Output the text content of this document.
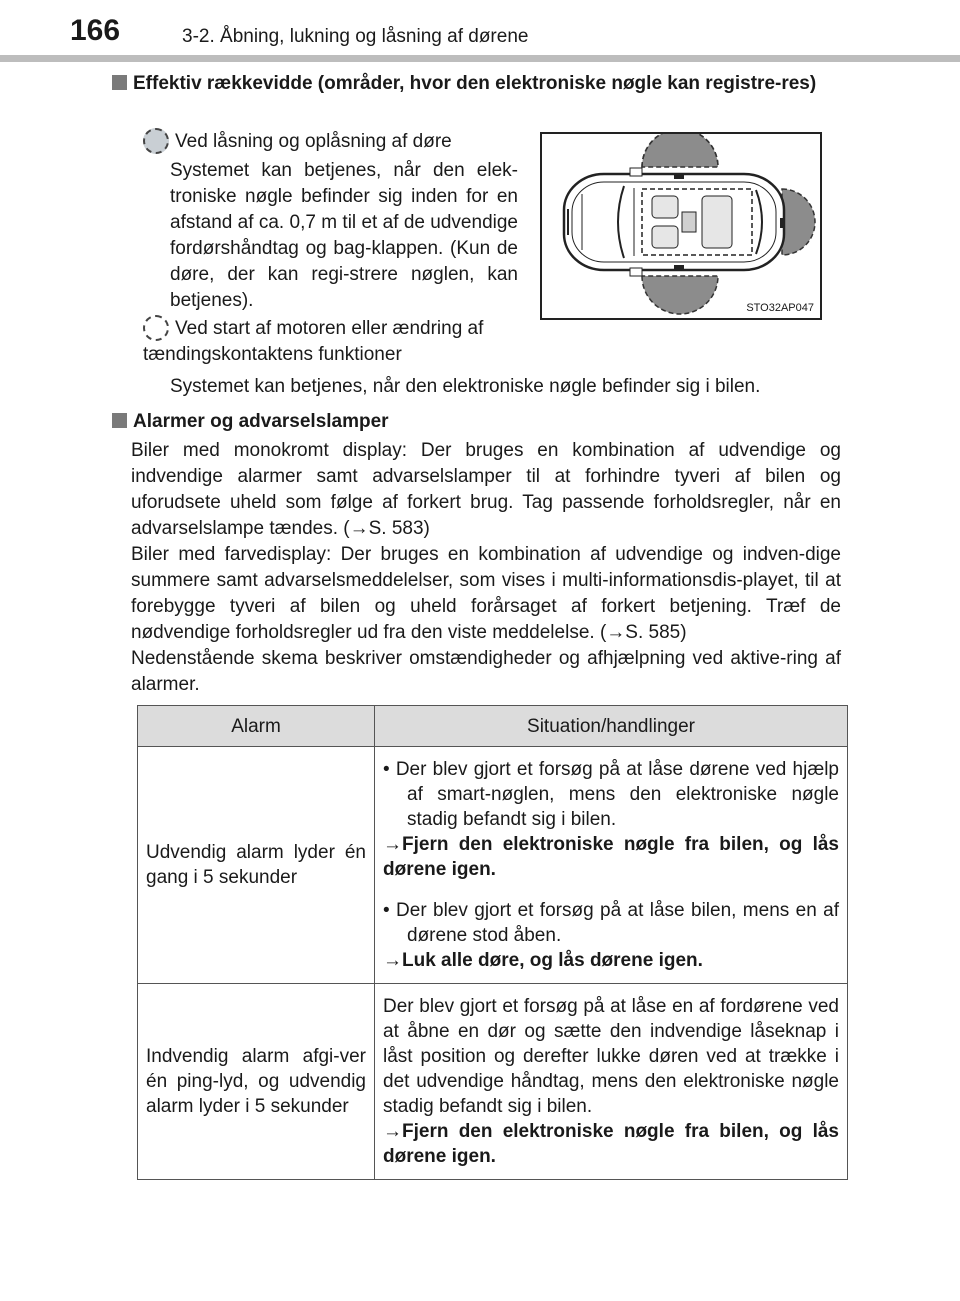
166	3-2. Åbning, lukning og låsning af dørene
Effektiv rækkevidde (områder, hvor den elektroniske nøgle kan registre-res)
Ved låsning og oplåsning af døre
Systemet kan betjenes, når den elek-troniske nøgle befinder sig inden for en afstand af ca. 0,7 m til et af de udvendige fordørshåndtag og bag-klappen. (Kun de døre, der kan regi-strere nøglen, kan betjenes).
Ved start af motoren eller ændring af tændingskontaktens funktioner
Systemet kan betjenes, når den elektroniske nøgle befinder sig i bilen.
STO32AP047
Alarmer og advarselslamper
Biler med monokromt display: Der bruges en kombination af udvendige og indvendige alarmer samt advarselslamper til at forhindre tyveri af bilen og uforudsete uheld som følge af forkert brug. Tag passende forholdsregler, når en advarselslampe tændes. (→S. 583)
Biler med farvedisplay: Der bruges en kombination af udvendige og indven-dige summere samt advarselsmeddelelser, som vises i multi-informationsdis-playet, til at forebygge tyveri af bilen og uheld forårsaget af forkert betjening. Træf de nødvendige forholdsregler ud fra den viste meddelelse. (→S. 585)
Nedenstående skema beskriver omstændigheder og afhjælpning ved aktive-ring af alarmer.
Alarm	Situation/handlinger
Udvendig alarm lyder én gang i 5 sekunder	• Der blev gjort et forsøg på at låse dørene ved hjælp af smart-nøglen, mens den elektroniske nøgle stadig befandt sig i bilen.
→Fjern den elektroniske nøgle fra bilen, og lås dørene igen.
• Der blev gjort et forsøg på at låse bilen, mens en af dørene stod åben.
→Luk alle døre, og lås dørene igen.

Indvendig alarm afgi-ver én ping-lyd, og udvendig alarm lyder i 5 sekunder	Der blev gjort et forsøg på at låse en af fordørene ved at åbne en dør og sætte den indvendige låseknap i låst position og derefter lukke døren ved at trække i det udvendige håndtag, mens den elektroniske nøgle stadig befandt sig i bilen.
→Fjern den elektroniske nøgle fra bilen, og lås dørene igen.
